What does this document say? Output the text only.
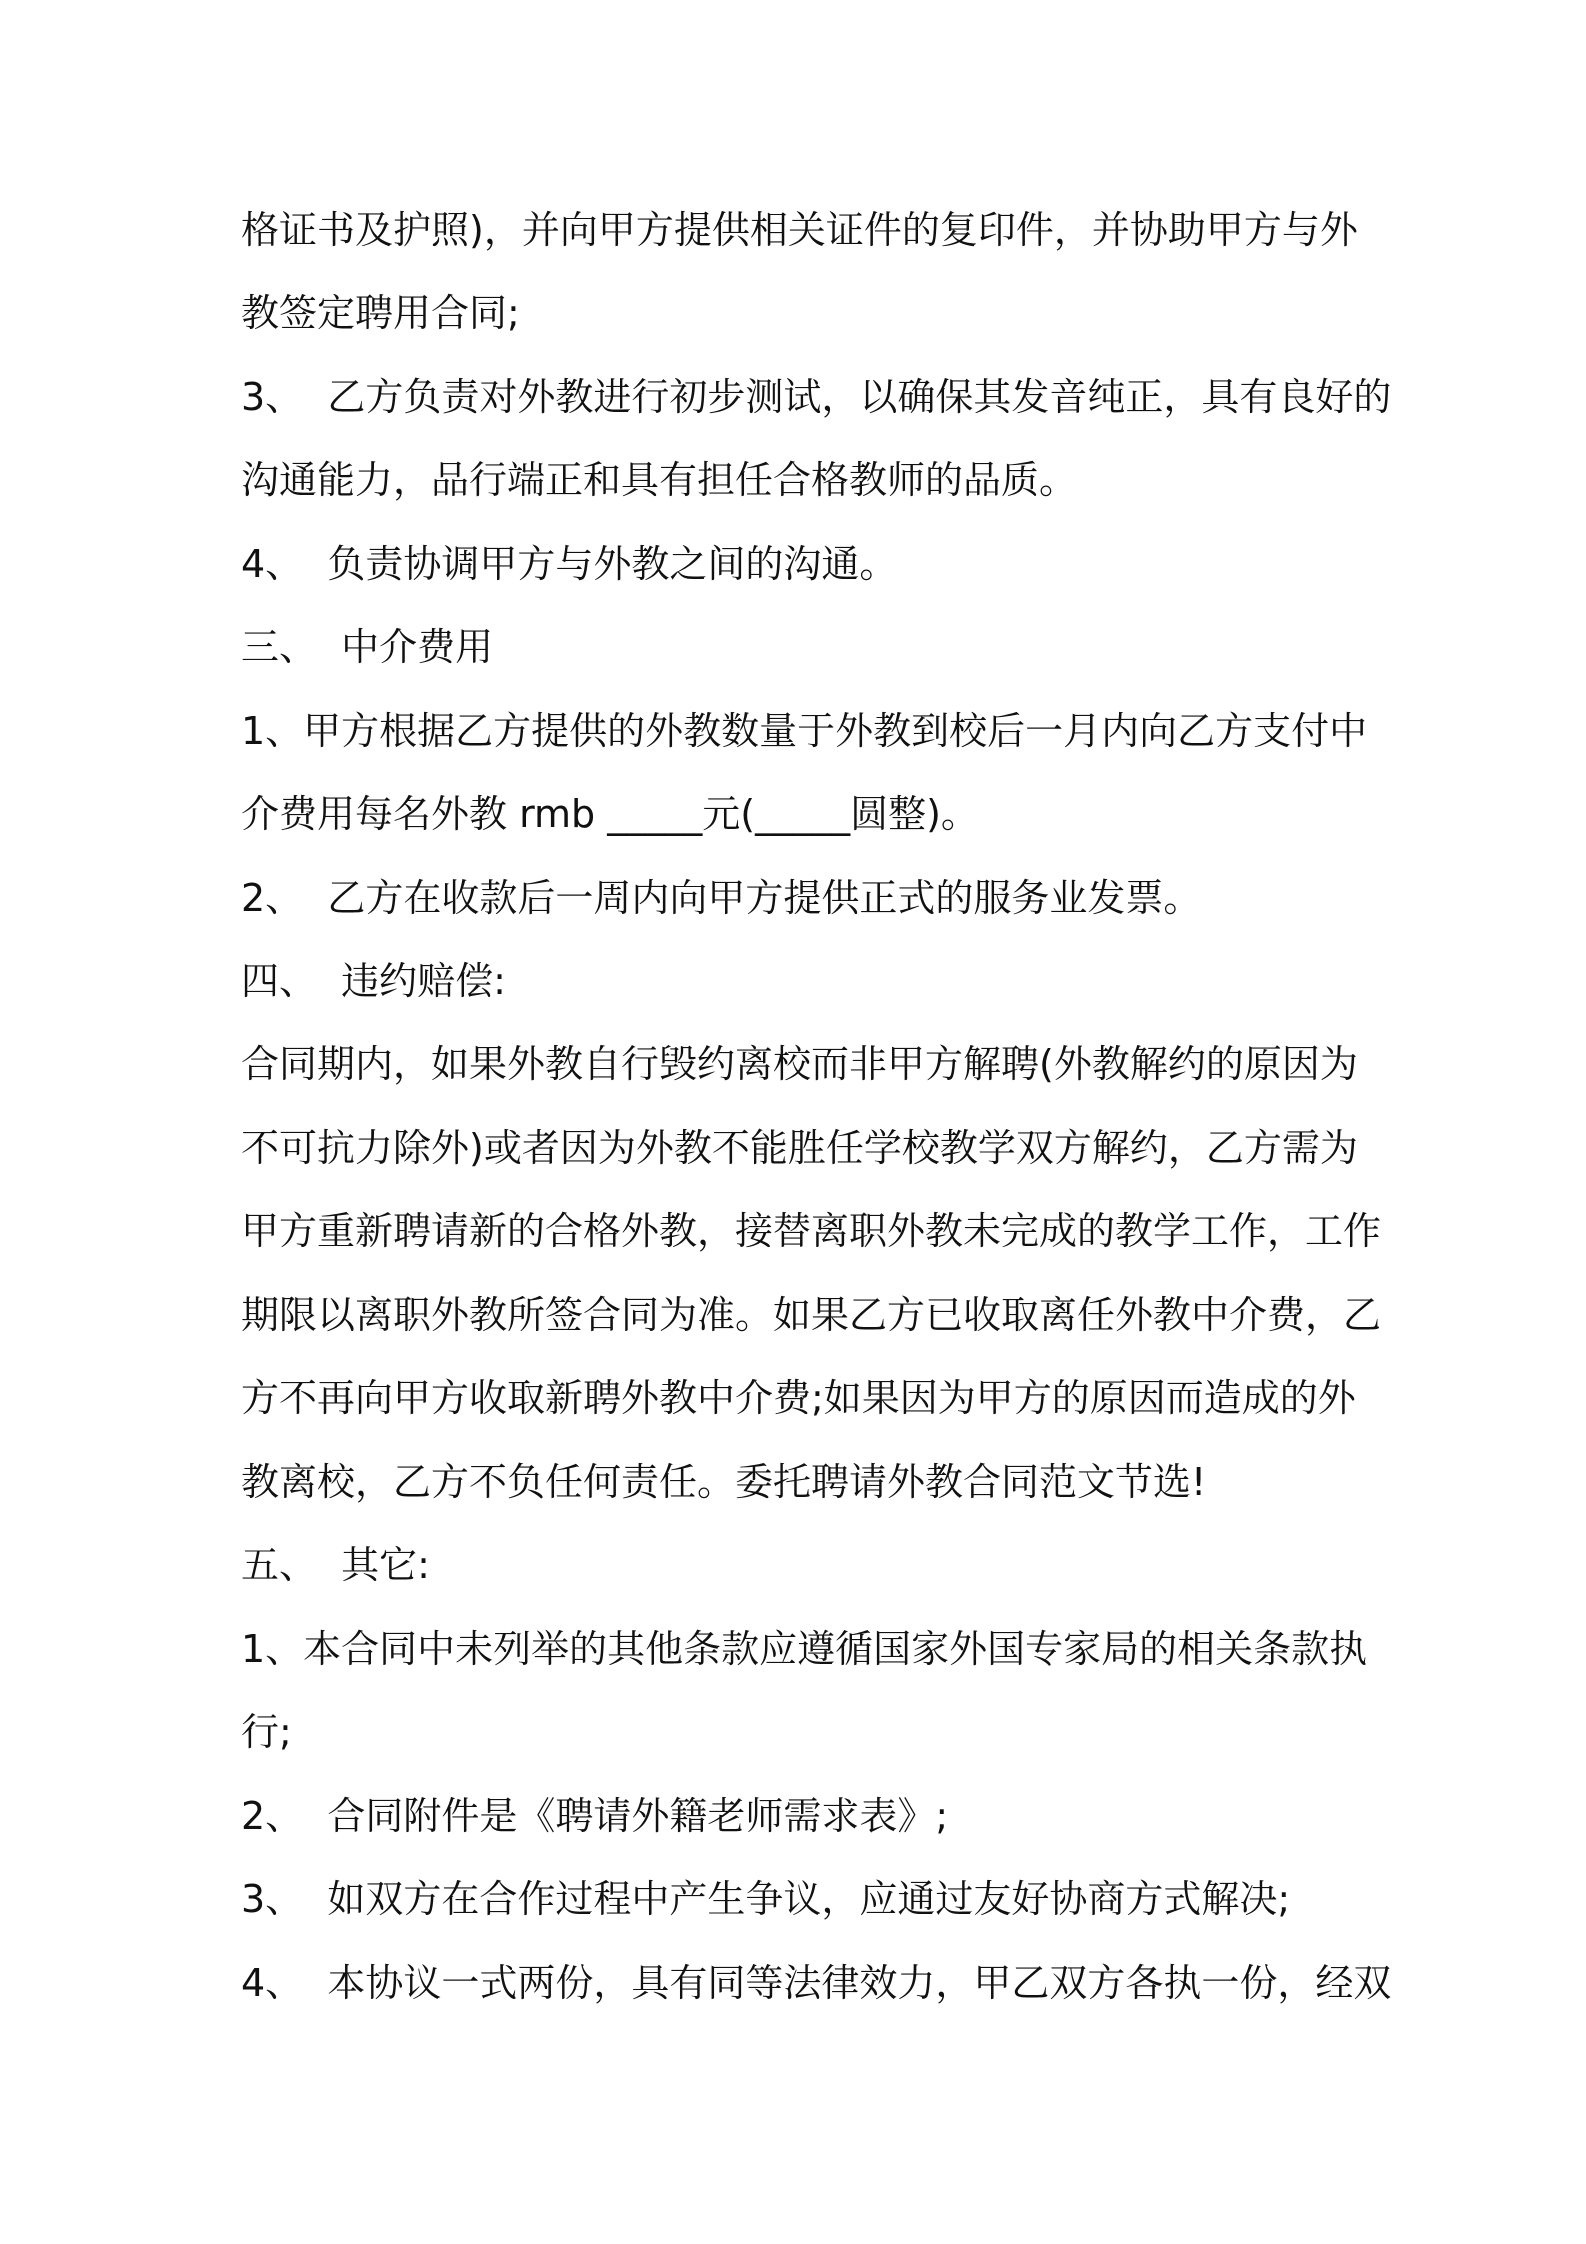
格证书及护照)，并向甲方提供相关证件的复印件，并协助甲方与外

教签定聘用合同;

3、  乙方负责对外教进行初步测试，以确保其发音纯正，具有良好的

沟通能力，品行端正和具有担任合格教师的品质。

4、  负责协调甲方与外教之间的沟通。

三、  中介费用

1、甲方根据乙方提供的外教数量于外教到校后一月内向乙方支付中

介费用每名外教 rmb _____元(_____圆整)。

2、  乙方在收款后一周内向甲方提供正式的服务业发票。

四、  违约赔偿:

合同期内，如果外教自行毁约离校而非甲方解聘(外教解约的原因为

不可抗力除外)或者因为外教不能胜任学校教学双方解约，乙方需为

甲方重新聘请新的合格外教，接替离职外教未完成的教学工作，工作

期限以离职外教所签合同为准。如果乙方已收取离任外教中介费，乙

方不再向甲方收取新聘外教中介费;如果因为甲方的原因而造成的外

教离校，乙方不负任何责任。委托聘请外教合同范文节选!

五、  其它:

1、本合同中未列举的其他条款应遵循国家外国专家局的相关条款执

行;

2、  合同附件是《聘请外籍老师需求表》;

3、  如双方在合作过程中产生争议，应通过友好协商方式解决;

4、  本协议一式两份，具有同等法律效力，甲乙双方各执一份，经双
